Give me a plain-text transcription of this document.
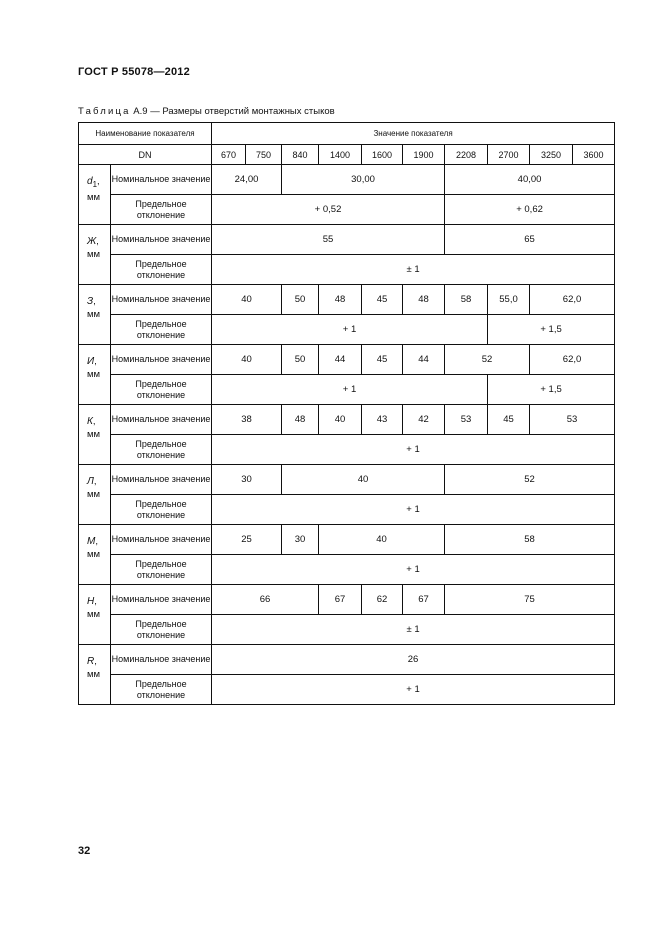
ГОСТ Р 55078—2012
Таблица А.9 — Размеры отверстий монтажных стыков
Наименование показателя		Значение показателя									
DN		670	750	840	1400	1600	1900	2208	2700	3250	3600
$d_1$,
мм	Номинальное значение	24,00		30,00				40,00			
	Предельное отклонение	+ 0,52						+ 0,62			
Ж,
мм	Номинальное значение	55						65			
	Предельное отклонение	± 1									
З,
мм	Номинальное значение	40		50	48	45	48	58	55,0	62,0	
	Предельное отклонение	+ 1							+ 1,5		
И,
мм	Номинальное значение	40		50	44	45	44	52		62,0	
	Предельное отклонение	+ 1							+ 1,5		
К,
мм	Номинальное значение	38		48	40	43	42	53	45	53	
	Предельное отклонение	+ 1									
Л,
мм	Номинальное значение	30		40				52			
	Предельное отклонение	+ 1									
М,
мм	Номинальное значение	25		30	40			58			
	Предельное отклонение	+ 1									
Н,
мм	Номинальное значение	66			67	62	67	75			
	Предельное отклонение	± 1									
R,
мм	Номинальное значение	26									
	Предельное отклонение	+ 1									
32
